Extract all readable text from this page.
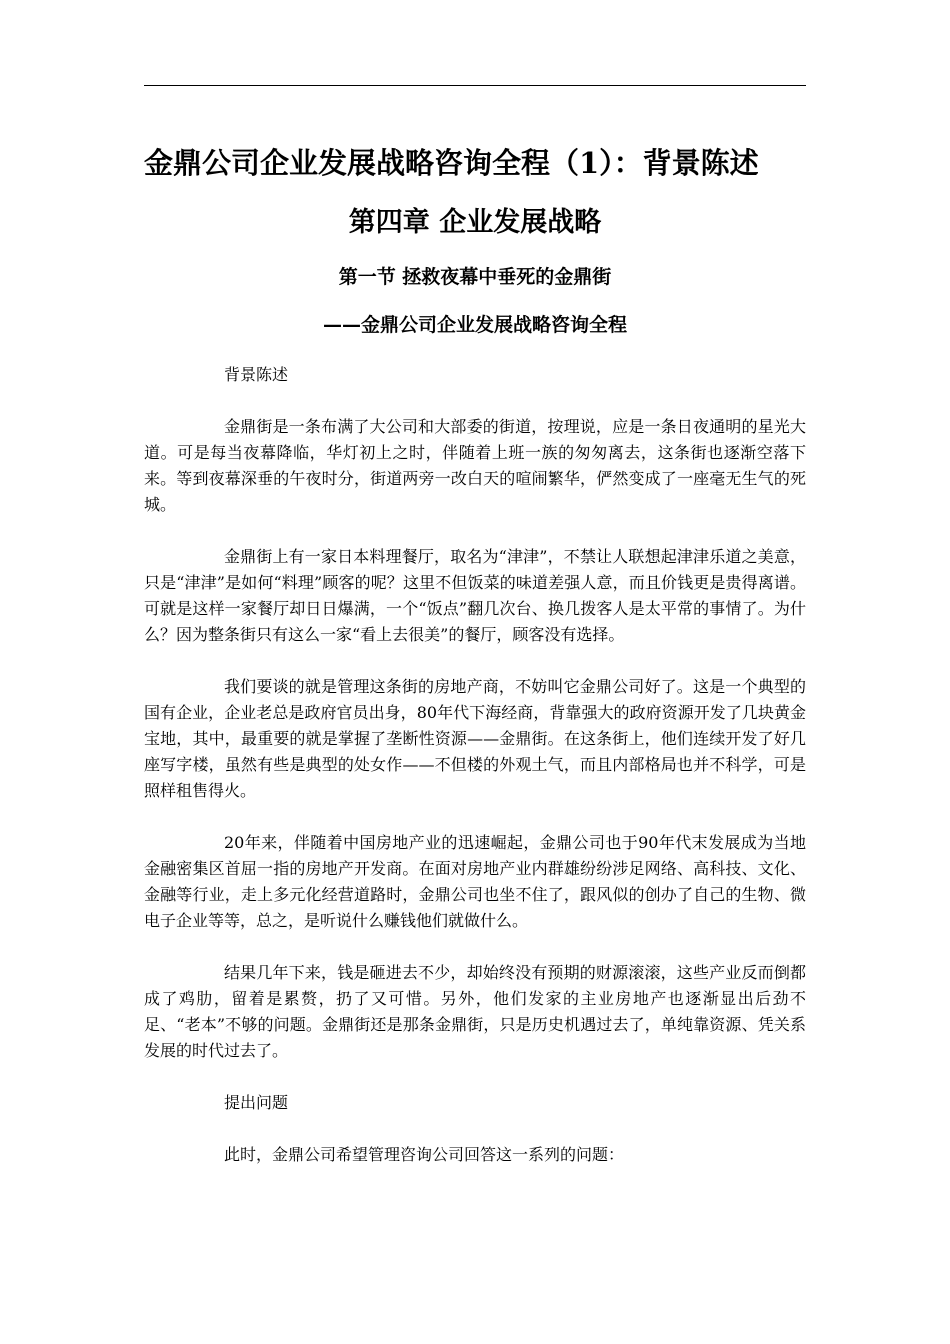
金鼎公司企业发展战略咨询全程（1）：背景陈述
第四章 企业发展战略
第一节 拯救夜幕中垂死的金鼎街
——金鼎公司企业发展战略咨询全程

背景陈述

金鼎街是一条布满了大公司和大部委的街道，按理说，应是一条日夜通明的星光大道。可是每当夜幕降临，华灯初上之时，伴随着上班一族的匆匆离去，这条街也逐渐空落下来。等到夜幕深垂的午夜时分，街道两旁一改白天的喧闹繁华，俨然变成了一座毫无生气的死城。

金鼎街上有一家日本料理餐厅，取名为“津津”，不禁让人联想起津津乐道之美意，只是“津津”是如何“料理”顾客的呢？这里不但饭菜的味道差强人意，而且价钱更是贵得离谱。可就是这样一家餐厅却日日爆满，一个“饭点”翻几次台、换几拨客人是太平常的事情了。为什么？因为整条街只有这么一家“看上去很美”的餐厅，顾客没有选择。

我们要谈的就是管理这条街的房地产商，不妨叫它金鼎公司好了。这是一个典型的国有企业，企业老总是政府官员出身，80年代下海经商，背靠强大的政府资源开发了几块黄金宝地，其中，最重要的就是掌握了垄断性资源——金鼎街。在这条街上，他们连续开发了好几座写字楼，虽然有些是典型的处女作——不但楼的外观土气，而且内部格局也并不科学，可是照样租售得火。

20年来，伴随着中国房地产业的迅速崛起，金鼎公司也于90年代末发展成为当地金融密集区首屈一指的房地产开发商。在面对房地产业内群雄纷纷涉足网络、高科技、文化、金融等行业，走上多元化经营道路时，金鼎公司也坐不住了，跟风似的创办了自己的生物、微电子企业等等，总之，是听说什么赚钱他们就做什么。

结果几年下来，钱是砸进去不少，却始终没有预期的财源滚滚，这些产业反而倒都成了鸡肋，留着是累赘，扔了又可惜。另外，他们发家的主业房地产也逐渐显出后劲不足、“老本”不够的问题。金鼎街还是那条金鼎街，只是历史机遇过去了，单纯靠资源、凭关系发展的时代过去了。

提出问题

此时，金鼎公司希望管理咨询公司回答这一系列的问题：
